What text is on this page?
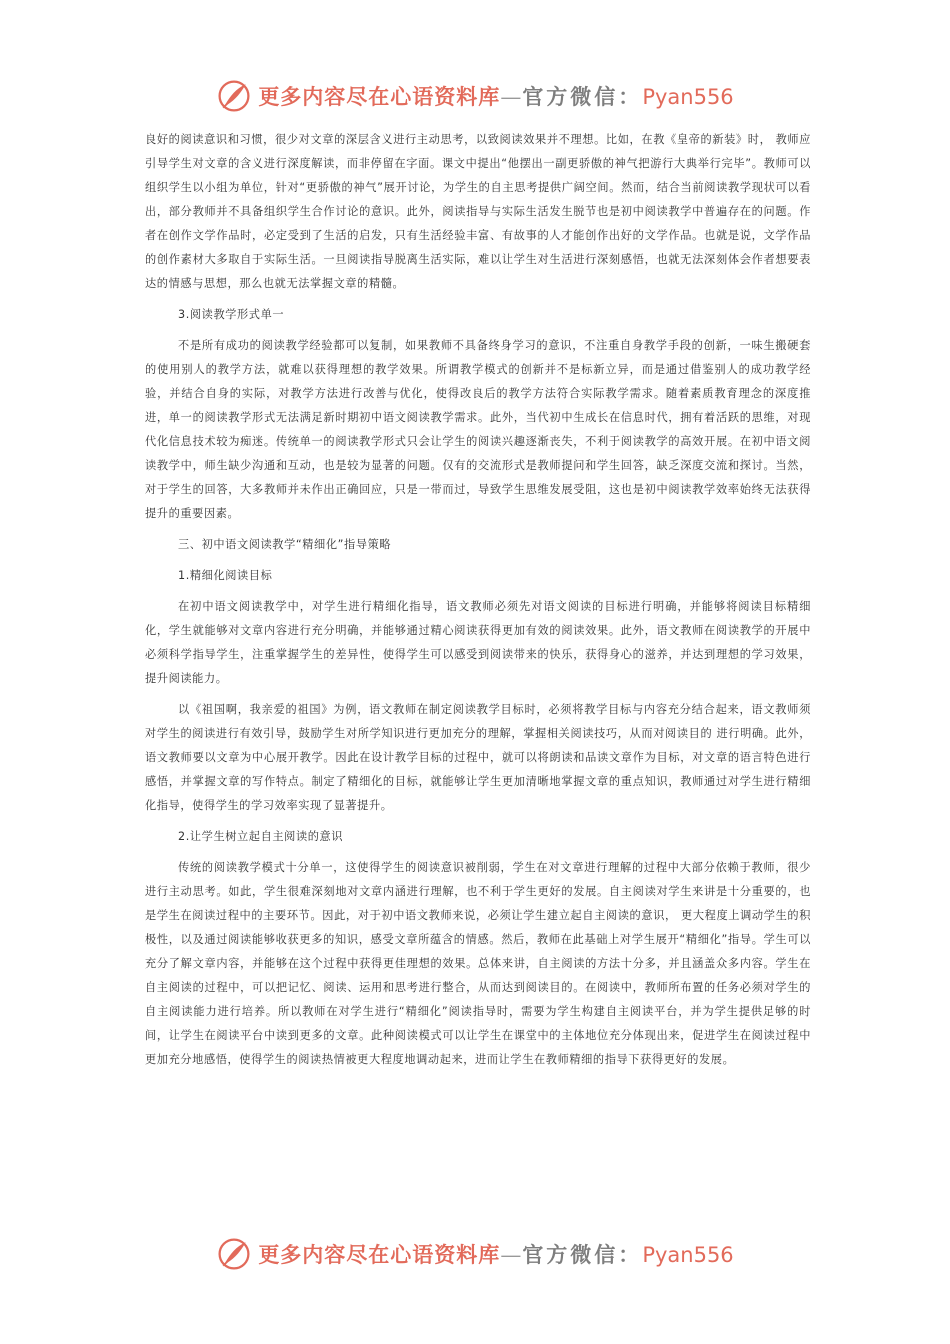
更多内容尽在心语资料库—官方微信：Pyan556

良好的阅读意识和习惯，很少对文章的深层含义进行主动思考，以致阅读效果并不理想。比如，在教《皇帝的新装》时， 教师应引导学生对文章的含义进行深度解读，而非停留在字面。课文中提出“他摆出一副更骄傲的神气把游行大典举行完毕”。教师可以组织学生以小组为单位，针对“更骄傲的神气”展开讨论，为学生的自主思考提供广阔空间。然而，结合当前阅读教学现状可以看出，部分教师并不具备组织学生合作讨论的意识。此外，阅读指导与实际生活发生脱节也是初中阅读教学中普遍存在的问题。作者在创作文学作品时，必定受到了生活的启发，只有生活经验丰富、有故事的人才能创作出好的文学作品。也就是说，文学作品的创作素材大多取自于实际生活。一旦阅读指导脱离生活实际，难以让学生对生活进行深刻感悟，也就无法深刻体会作者想要表达的情感与思想，那么也就无法掌握文章的精髓。

3.阅读教学形式单一

不是所有成功的阅读教学经验都可以复制，如果教师不具备终身学习的意识，不注重自身教学手段的创新，一味生搬硬套的使用别人的教学方法，就难以获得理想的教学效果。所谓教学模式的创新并不是标新立异，而是通过借鉴别人的成功教学经验，并结合自身的实际，对教学方法进行改善与优化，使得改良后的教学方法符合实际教学需求。随着素质教育理念的深度推进，单一的阅读教学形式无法满足新时期初中语文阅读教学需求。此外，当代初中生成长在信息时代，拥有着活跃的思维，对现代化信息技术较为痴迷。传统单一的阅读教学形式只会让学生的阅读兴趣逐渐丧失，不利于阅读教学的高效开展。在初中语文阅读教学中，师生缺少沟通和互动，也是较为显著的问题。仅有的交流形式是教师提问和学生回答，缺乏深度交流和探讨。当然，对于学生的回答，大多教师并未作出正确回应，只是一带而过，导致学生思维发展受阻，这也是初中阅读教学效率始终无法获得提升的重要因素。

三、初中语文阅读教学“精细化”指导策略

1.精细化阅读目标

在初中语文阅读教学中，对学生进行精细化指导，语文教师必须先对语文阅读的目标进行明确，并能够将阅读目标精细化，学生就能够对文章内容进行充分明确，并能够通过精心阅读获得更加有效的阅读效果。此外，语文教师在阅读教学的开展中必须科学指导学生，注重掌握学生的差异性，使得学生可以感受到阅读带来的快乐，获得身心的滋养，并达到理想的学习效果，提升阅读能力。

以《祖国啊，我亲爱的祖国》为例，语文教师在制定阅读教学目标时，必须将教学目标与内容充分结合起来，语文教师须对学生的阅读进行有效引导，鼓励学生对所学知识进行更加充分的理解，掌握相关阅读技巧，从而对阅读目的 进行明确。此外，语文教师要以文章为中心展开教学。因此在设计教学目标的过程中，就可以将朗读和品读文章作为目标，对文章的语言特色进行感悟，并掌握文章的写作特点。制定了精细化的目标，就能够让学生更加清晰地掌握文章的重点知识，教师通过对学生进行精细化指导，使得学生的学习效率实现了显著提升。

2.让学生树立起自主阅读的意识

传统的阅读教学模式十分单一，这使得学生的阅读意识被削弱，学生在对文章进行理解的过程中大部分依赖于教师，很少进行主动思考。如此，学生很难深刻地对文章内涵进行理解，也不利于学生更好的发展。自主阅读对学生来讲是十分重要的，也是学生在阅读过程中的主要环节。因此，对于初中语文教师来说，必须让学生建立起自主阅读的意识， 更大程度上调动学生的积极性，以及通过阅读能够收获更多的知识，感受文章所蕴含的情感。然后，教师在此基础上对学生展开“精细化”指导。学生可以充分了解文章内容，并能够在这个过程中获得更佳理想的效果。总体来讲，自主阅读的方法十分多，并且涵盖众多内容。学生在自主阅读的过程中，可以把记忆、阅读、运用和思考进行整合，从而达到阅读目的。在阅读中，教师所布置的任务必须对学生的自主阅读能力进行培养。所以教师在对学生进行“精细化”阅读指导时，需要为学生构建自主阅读平台，并为学生提供足够的时间，让学生在阅读平台中读到更多的文章。此种阅读模式可以让学生在课堂中的主体地位充分体现出来，促进学生在阅读过程中更加充分地感悟，使得学生的阅读热情被更大程度地调动起来，进而让学生在教师精细的指导下获得更好的发展。

更多内容尽在心语资料库—官方微信：Pyan556
